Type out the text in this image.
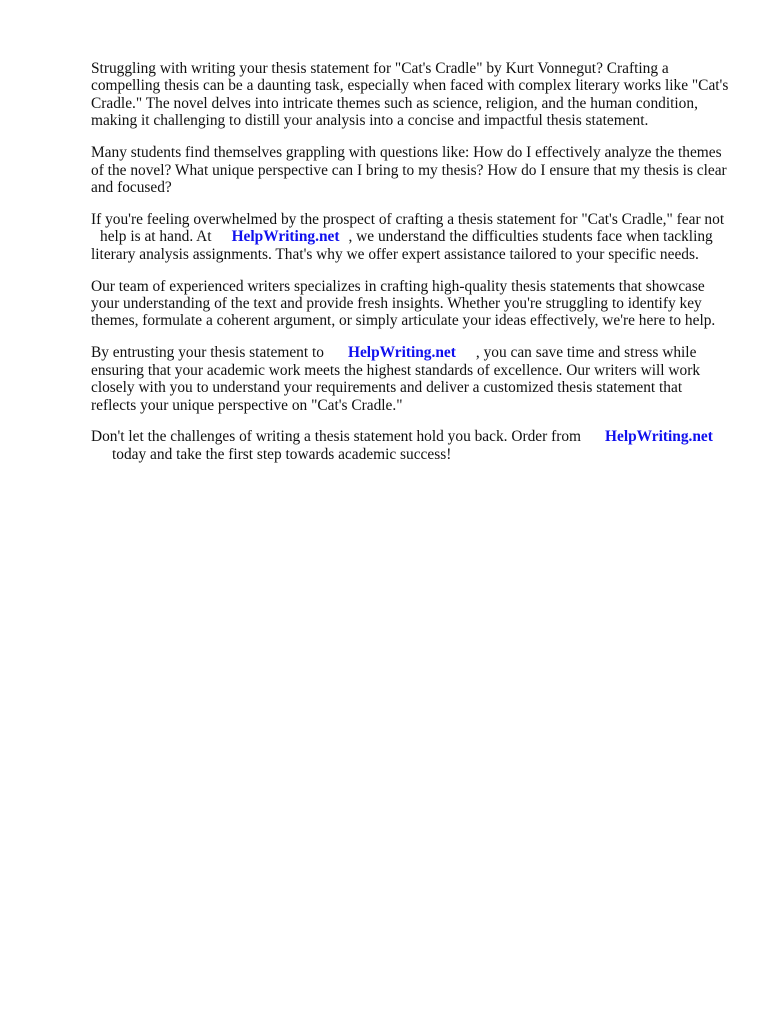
Struggling with writing your thesis statement for "Cat's Cradle" by Kurt Vonnegut? Crafting a compelling thesis can be a daunting task, especially when faced with complex literary works like "Cat's Cradle." The novel delves into intricate themes such as science, religion, and the human condition, making it challenging to distill your analysis into a concise and impactful thesis statement.

Many students find themselves grappling with questions like: How do I effectively analyze the themes of the novel? What unique perspective can I bring to my thesis? How do I ensure that my thesis is clear and focused?

If you're feeling overwhelmed by the prospect of crafting a thesis statement for "Cat's Cradle," fear nothelp is at hand. At HelpWriting.net , we understand the difficulties students face when tackling literary analysis assignments. That's why we offer expert assistance tailored to your specific needs.

Our team of experienced writers specializes in crafting high-quality thesis statements that showcase your understanding of the text and provide fresh insights. Whether you're struggling to identify key themes, formulate a coherent argument, or simply articulate your ideas effectively, we're here to help.

By entrusting your thesis statement to HelpWriting.net , you can save time and stress while ensuring that your academic work meets the highest standards of excellence. Our writers will work closely with you to understand your requirements and deliver a customized thesis statement that reflects your unique perspective on "Cat's Cradle."

Don't let the challenges of writing a thesis statement hold you back. Order from HelpWriting.net
today and take the first step towards academic success!
